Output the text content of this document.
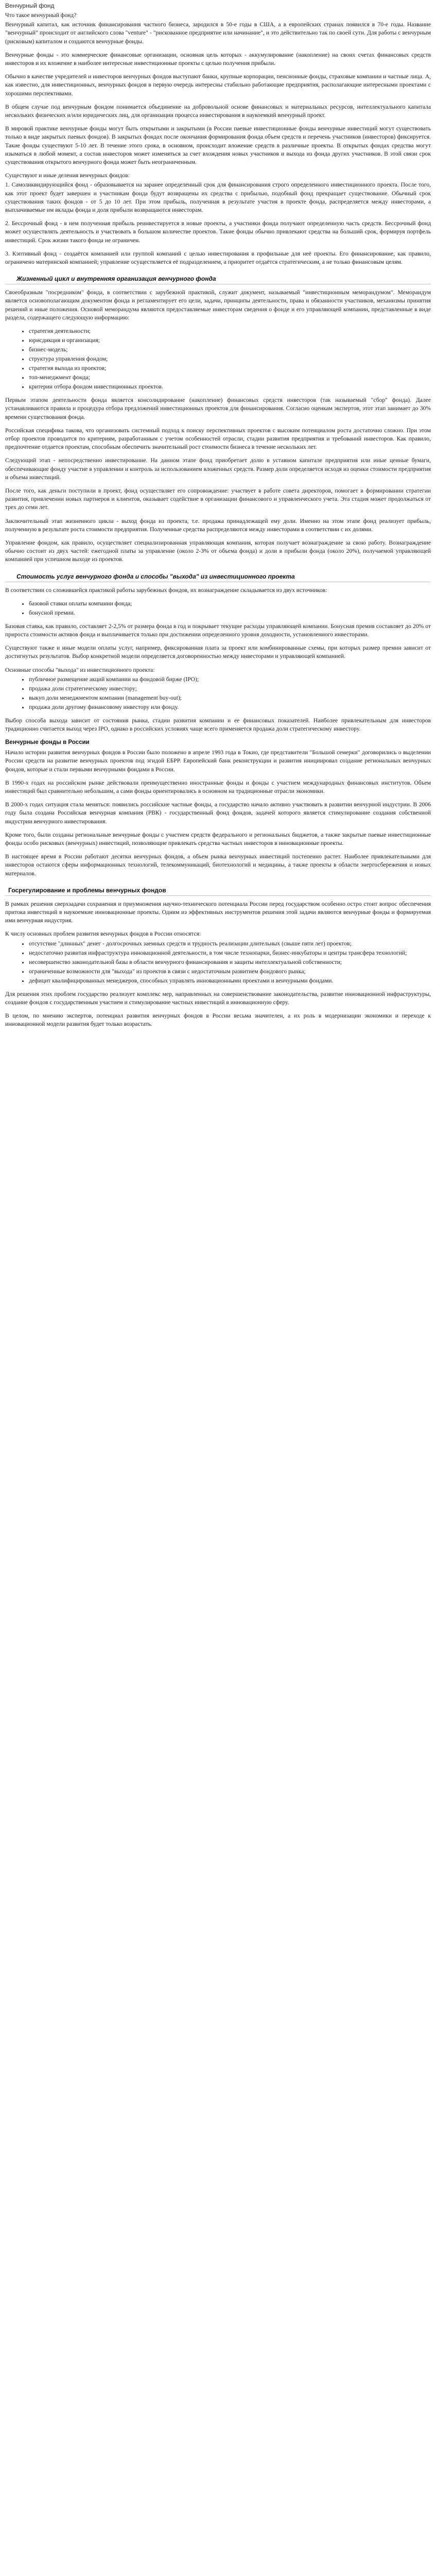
Венчурный фонд

Что такое венчурный фонд?

Венчурный капитал, как источник финансирования частного бизнеса, зародился в 50-е годы в США, а в европейских странах появился в 70-е годы. Название "венчурный" происходит от английского слова "venture" - "рискованное предприятие или начинание", и это действительно так по своей сути. Для работы с венчурным (рисковым) капиталом и создаются венчурные фонды.

Венчурные фонды - это коммерческие финансовые организации, основная цель которых - аккумулирование (накопление) на своих счетах финансовых средств инвесторов и их вложение в наиболее интересные инвестиционные проекты с целью получения прибыли.

Обычно в качестве учредителей и инвесторов венчурных фондов выступают банки, крупные корпорации, пенсионные фонды, страховые компании и частные лица. А, как известно, для инвестиционных, венчурных фондов в первую очередь интересны стабильно работающие предприятия, располагающие интересными проектами с хорошими перспективами.

В общем случае под венчурным фондом понимается объединение на добровольной основе финансовых и материальных ресурсов, интеллектуального капитала нескольких физических и/или юридических лиц, для организации процесса инвестирования в наукоемкий венчурный проект.

В мировой практике венчурные фонды могут быть открытыми и закрытыми (в России паевые инвестиционные фонды венчурные инвестиций могут существовать только в виде закрытых паевых фондов). В закрытых фондах после окончания формирования фонда объем средств и перечень участников (инвесторов) фиксируется. Такие фонды существуют 5-10 лет. В течение этого срока, в основном, происходит вложение средств в различные проекты. В открытых фондах средства могут изыматься в любой момент, а состав инвесторов может изменяться за счет вхождения новых участников и выхода из фонда других участников. В этой связи срок существования открытого венчурного фонда может быть неограниченным.

Существуют и иные деления венчурных фондов:

1. Самоликвидирующийся фонд - образовывается на заранее определенный срок для финансирования строго определенного инвестиционного проекта. После того, как этот проект будет завершен и участникам фонда будут возвращены их средства с прибылью, подобный фонд прекращает существование. Обычный срок существования таких фондов - от 5 до 10 лет. При этом прибыль, полученная в результате участия в проекте фонда, распределяется между инвесторами, а выплачиваемые им вклады фонда и доля прибыли возвращаются инвесторам.

2. Бессрочный фонд - в нем полученная прибыль реинвестируется в новые проекты, а участники фонда получают определенную часть средств. Бессрочный фонд может осуществлять деятельность и участвовать в большом количестве проектов. Такие фонды обычно привлекают средства на больший срок, формируя портфель инвестиций. Срок жизни такого фонда не ограничен.

3. Кэптивный фонд - создаётся компанией или группой компаний с целью инвестирования в профильные для неё проекты. Его финансирование, как правило, ограничено материнской компанией; управление осуществляется её подразделением, а приоритет отдаётся стратегическим, а не только финансовым целям.

Жизненный цикл и внутренняя организация венчурного фонда

Своеобразным "посредником" фонда, в соответствии с зарубежной практикой, служит документ, называемый "инвестиционным меморандумом". Меморандум является основополагающим документом фонда и регламентирует его цели, задачи, принципы деятельности, права и обязанности участников, механизмы принятия решений и иные положения. Основой меморандума являются предоставляемые инвесторам сведения о фонде и его управляющей компании, представленные в виде раздела, содержащего следующую информацию:

• стратегия деятельности;
• юрисдикция и организация;
• бизнес-модель;
• структура управления фондом;
• стратегия выхода из проектов;
• топ-менеджмент фонда;
• критерии отбора фондом инвестиционных проектов.

Первым этапом деятельности фонда является консолидирование (накопление) финансовых средств инвесторов (так называемый "сбор" фонда). Далее устанавливаются правила и процедура отбора предложений инвестиционных проектов для финансирования. Согласно оценкам экспертов, этот этап занимает до 30% времени существования фонда.

Российская специфика такова, что организовать системный подход к поиску перспективных проектов с высоким потенциалом роста достаточно сложно. При этом отбор проектов проводится по критериям, разработанным с учетом особенностей отрасли, стадии развития предприятия и требований инвесторов. Как правило, предпочтение отдается проектам, способным обеспечить значительный рост стоимости бизнеса в течение нескольких лет.

Следующий этап - непосредственно инвестирование. На данном этапе фонд приобретает долю в уставном капитале предприятия или иные ценные бумаги, обеспечивающие фонду участие в управлении и контроль за использованием вложенных средств. Размер доли определяется исходя из оценки стоимости предприятия и объема инвестиций.

После того, как деньги поступили в проект, фонд осуществляет его сопровождение: участвует в работе совета директоров, помогает в формировании стратегии развития, привлечении новых партнеров и клиентов, оказывает содействие в организации финансового и управленческого учета. Эта стадия может продолжаться от трех до семи лет.

Заключительный этап жизненного цикла - выход фонда из проекта, т.е. продажа принадлежащей ему доли. Именно на этом этапе фонд реализует прибыль, полученную в результате роста стоимости предприятия. Полученные средства распределяются между инвесторами в соответствии с их долями.

Управление фондом, как правило, осуществляет специализированная управляющая компания, которая получает вознаграждение за свою работу. Вознаграждение обычно состоит из двух частей: ежегодной платы за управление (около 2-3% от объема фонда) и доли в прибыли фонда (около 20%), получаемой управляющей компанией при успешном выходе из проектов.

Стоимость услуг венчурного фонда и способы "выхода" из инвестиционного проекта

В соответствии со сложившейся практикой работы зарубежных фондов, их вознаграждение складывается из двух источников:

• базовой ставки оплаты компании фонда;
• бонусной премии.

Базовая ставка, как правило, составляет 2-2,5% от размера фонда в год и покрывает текущие расходы управляющей компании. Бонусная премия составляет до 20% от прироста стоимости активов фонда и выплачивается только при достижении определенного уровня доходности, установленного инвесторами.

Существуют также и иные модели оплаты услуг, например, фиксированная плата за проект или комбинированные схемы, при которых размер премии зависит от достигнутых результатов. Выбор конкретной модели определяется договоренностью между инвесторами и управляющей компанией.

Основные способы "выхода" из инвестиционного проекта:

• публичное размещение акций компании на фондовой бирже (IPO);
• продажа доли стратегическому инвестору;
• выкуп доли менеджментом компании (management buy-out);
• продажа доли другому финансовому инвестору или фонду.

Выбор способа выхода зависит от состояния рынка, стадии развития компании и ее финансовых показателей. Наиболее привлекательным для инвесторов традиционно считается выход через IPO, однако в российских условиях чаще всего применяется продажа доли стратегическому инвестору.

Венчурные фонды в России

Начало истории развития венчурных фондов в России было положено в апреле 1993 года в Токио, где представители "Большой семерки" договорились о выделении России средств на развитие венчурных проектов под эгидой ЕБРР. Европейский банк реконструкции и развития инициировал создание региональных венчурных фондов, которые и стали первыми венчурными фондами в России.

В 1990-х годах на российском рынке действовали преимущественно иностранные фонды и фонды с участием международных финансовых институтов. Объем инвестиций был сравнительно небольшим, а сами фонды ориентировались в основном на традиционные отрасли экономики.

В 2000-х годах ситуация стала меняться: появились российские частные фонды, а государство начало активно участвовать в развитии венчурной индустрии. В 2006 году была создана Российская венчурная компания (РВК) - государственный фонд фондов, задачей которого является стимулирование создания собственной индустрии венчурного инвестирования.

Кроме того, были созданы региональные венчурные фонды с участием средств федерального и региональных бюджетов, а также закрытые паевые инвестиционные фонды особо рисковых (венчурных) инвестиций, позволяющие привлекать средства частных инвесторов в инновационные проекты.

В настоящее время в России работают десятки венчурных фондов, а объем рынка венчурных инвестиций постепенно растет. Наиболее привлекательными для инвесторов остаются сферы информационных технологий, телекоммуникаций, биотехнологий и медицины, а также проекты в области энергосбережения и новых материалов.

Госрегулирование и проблемы венчурных фондов

В рамках решения сверхзадачи сохранения и приумножения научно-технического потенциала России перед государством особенно остро стоит вопрос обеспечения притока инвестиций в наукоемкие инновационные проекты. Одним из эффективных инструментов решения этой задачи являются венчурные фонды и формируемая ими венчурная индустрия.

К числу основных проблем развития венчурных фондов в России относятся:

• отсутствие "длинных" денег - долгосрочных заемных средств и трудность реализации длительных (свыше пяти лет) проектов;
• недостаточно развитая инфраструктура инновационной деятельности, в том числе технопарки, бизнес-инкубаторы и центры трансфера технологий;
• несовершенство законодательной базы в области венчурного финансирования и защиты интеллектуальной собственности;
• ограниченные возможности для "выхода" из проектов в связи с недостаточным развитием фондового рынка;
• дефицит квалифицированных менеджеров, способных управлять инновационными проектами и венчурными фондами.

Для решения этих проблем государство реализует комплекс мер, направленных на совершенствование законодательства, развитие инновационной инфраструктуры, создание фондов с государственным участием и стимулирование частных инвестиций в инновационную сферу.

В целом, по мнению экспертов, потенциал развития венчурных фондов в России весьма значителен, а их роль в модернизации экономики и переходе к инновационной модели развития будет только возрастать.
